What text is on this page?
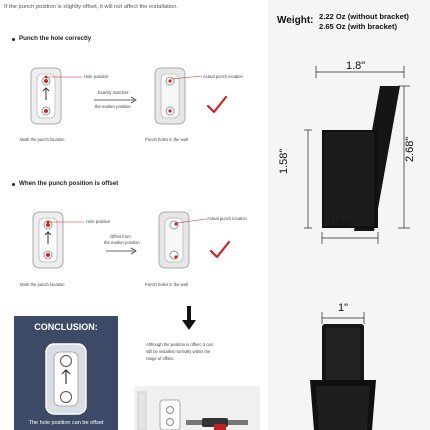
If the punch position is slightly offset, it will not affect the installation.
Punch the hole correctly
Hole position
Exactly matches
the marker position
Actual punch location
Mark the punch location	Punch holes in the wall
When the punch position is offset
Hole position
Offset from
the marker position
Actual punch location
Mark the punch location	Punch holes in the wall
CONCLUSION:
The hole position can be offset
Although the position is offset, it can
still be installed normally within the
range of offset.
Weight: 2.22 Oz (without bracket)
2.65 Oz (with bracket)
1.8"
1.58"	2.68"
1.14"
1"
